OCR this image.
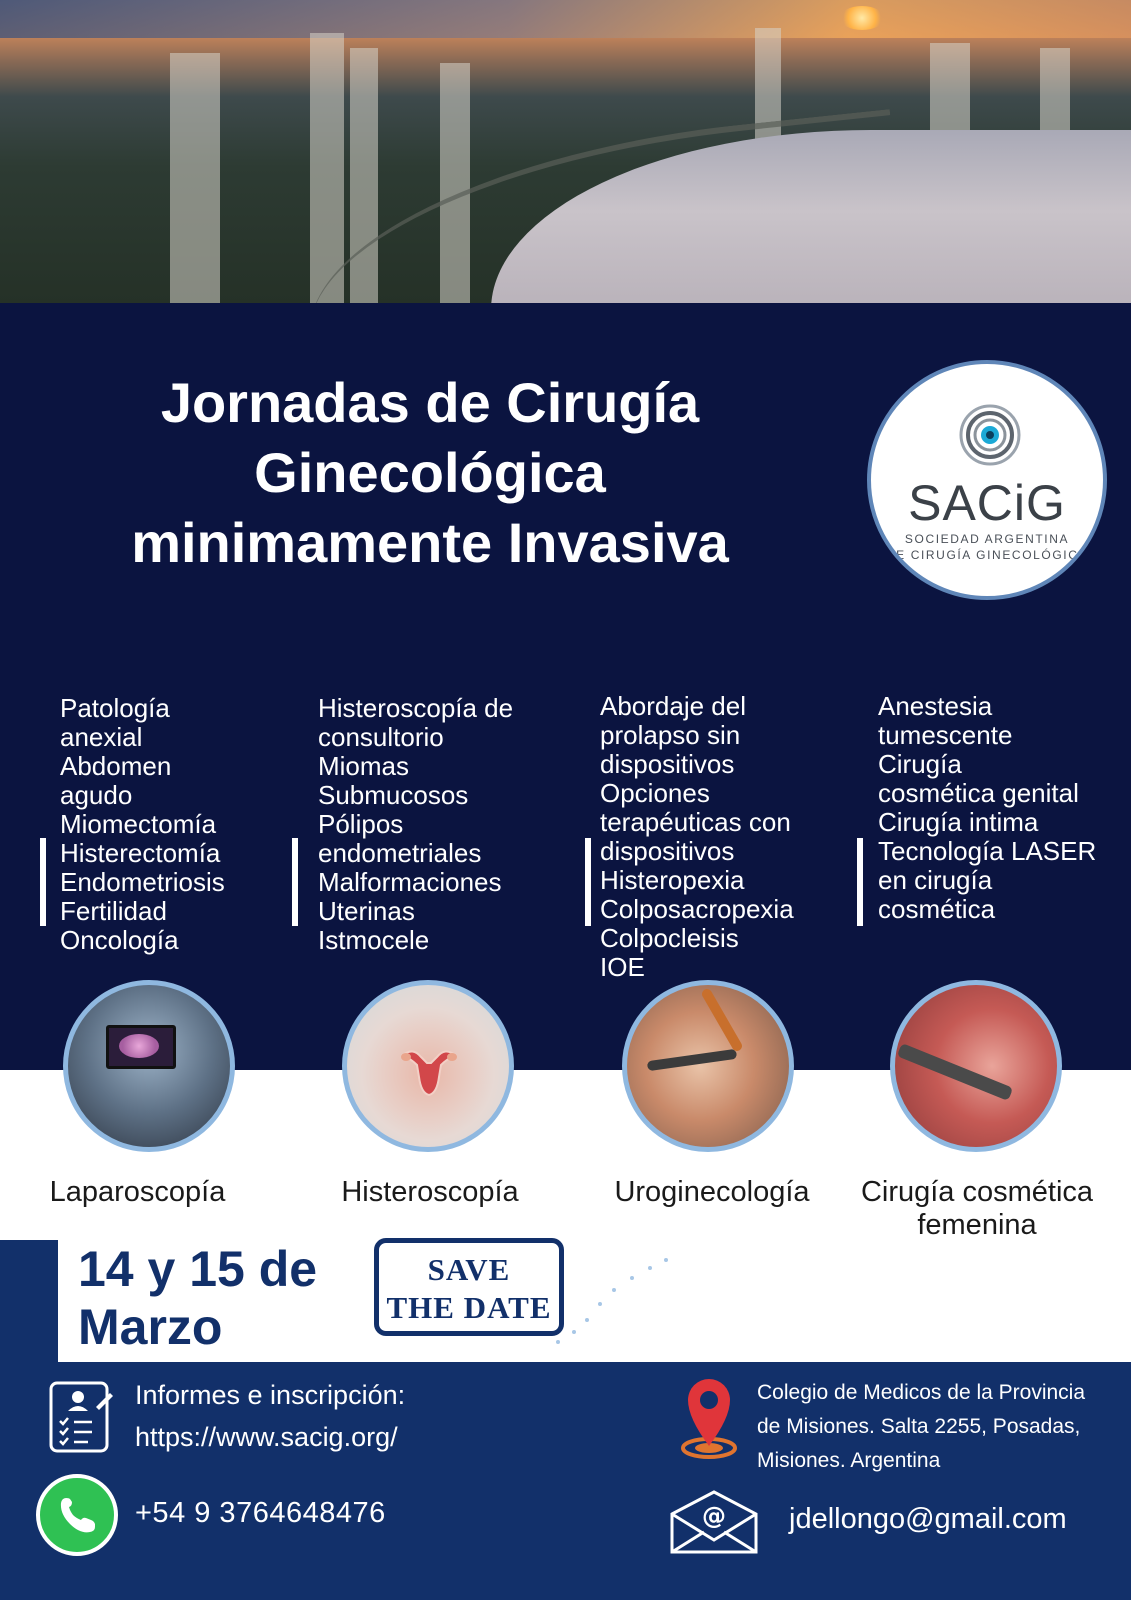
Jornadas de Cirugía
Ginecológica
minimamente Invasiva
SACiG
SOCIEDAD ARGENTINA
DE CIRUGÍA GINECOLÓGICA
Patología
anexial
Abdomen
agudo
Miomectomía
Histerectomía
Endometriosis
Fertilidad
Oncología
Histeroscopía de
consultorio
Miomas
Submucosos
Pólipos
endometriales
Malformaciones
Uterinas
Istmocele
Abordaje del
prolapso sin
dispositivos
Opciones
terapéuticas con
dispositivos
Histeropexia
Colposacropexia
Colpocleisis
IOE
Anestesia
tumescente
Cirugía
cosmética genital
Cirugía intima
Tecnología LASER
en cirugía
cosmética
Laparoscopía	Histeroscopía	Uroginecología	Cirugía cosmética
femenina
14 y 15 de
Marzo
SAVE
THE DATE
Informes e inscripción:
https://www.sacig.org/
+54 9 3764648476
Colegio de Medicos de la Provincia
de Misiones. Salta 2255, Posadas,
Misiones. Argentina
@ jdellongo@gmail.com
